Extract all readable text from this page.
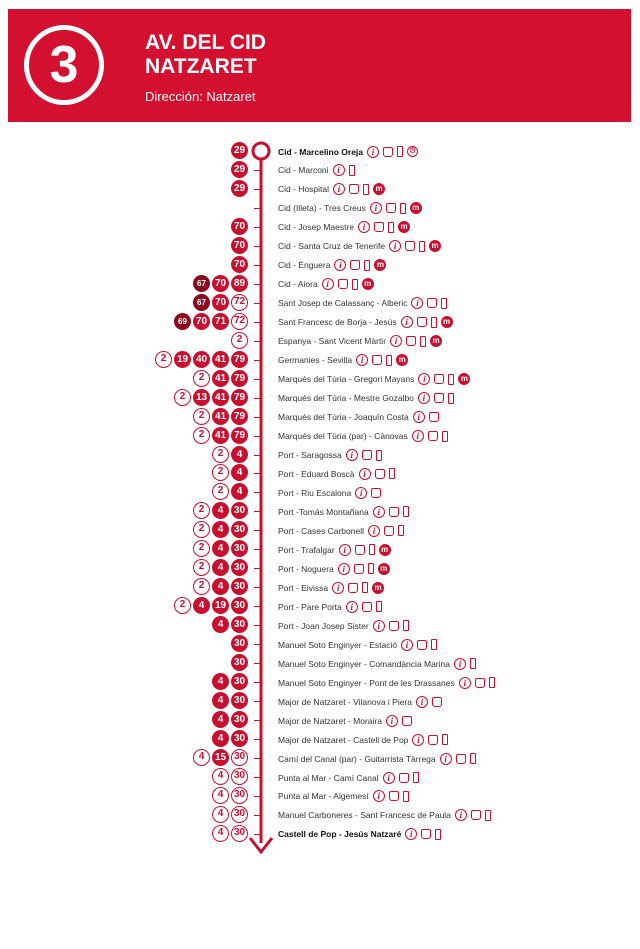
3	AV. DEL CID
NATZARET
Dirección: Natzaret
29	Cid - Marcelino Oreja i	◷
29	Cid - Marconi i
29	Cid - Hospital i	m
Cid (Illeta) - Tres Creus i	m
70	Cid - Josep Maestre i	m
70	Cid - Santa Cruz de Tenerife i	m
70	Cid - Ènguera i	m
67 70 89	Cid - Aiora i	m
67 70 72	Sant Josep de Calassanç - Alberic i
69 70 71 72	Sant Francesc de Borja - Jesús i	m
2	Espanya - Sant Vicent Màrtir i	m
2	19 40 41 79	Germanies - Sevilla i	m
2	41 79	Marqués del Túria - Gregori Mayans i	m
2	13 41 79	Marqués del Túria - Mestre Gozalbo i
2	41 79	Marqués del Túria - Joaquín Costa i
2	41 79	Marqués del Túria (par) - Cànovas i
2	4	Port - Saragossa i
2	4	Port - Eduard Boscà i
2	4	Port - Riu Escalona i
2	4	30	Port -Tomás Montañana i
2	4	30	Port - Cases Carbonell i
2	4	30	Port - Trafalgar i	m
2	4	30	Port - Noguera i	m
2	4	30	Port - Eivissa i	m
2	4	19 30	Port - Pare Porta i
4	30	Port - Joan Josep Sister i
30	Manuel Soto Enginyer - Estació i
30	Manuel Soto Enginyer - Comandància Marina i
4	30	Manuel Soto Enginyer - Pont de les Drassanes i
4	30	Major de Natzaret - Vilanova i Piera i
4	30	Major de Natzaret - Moraira i
4	30	Major de Natzaret - Castell de Pop i
4	15 30	Camí del Canal (par) - Guitarrista Tàrrega i
4	30	Punta al Mar - Camí Canal i
4	30	Punta al Mar - Algemesí i
4	30	Manuel Carboneres - Sant Francesc de Paula i
4	30	Castell de Pop - Jesús Natzaré i
